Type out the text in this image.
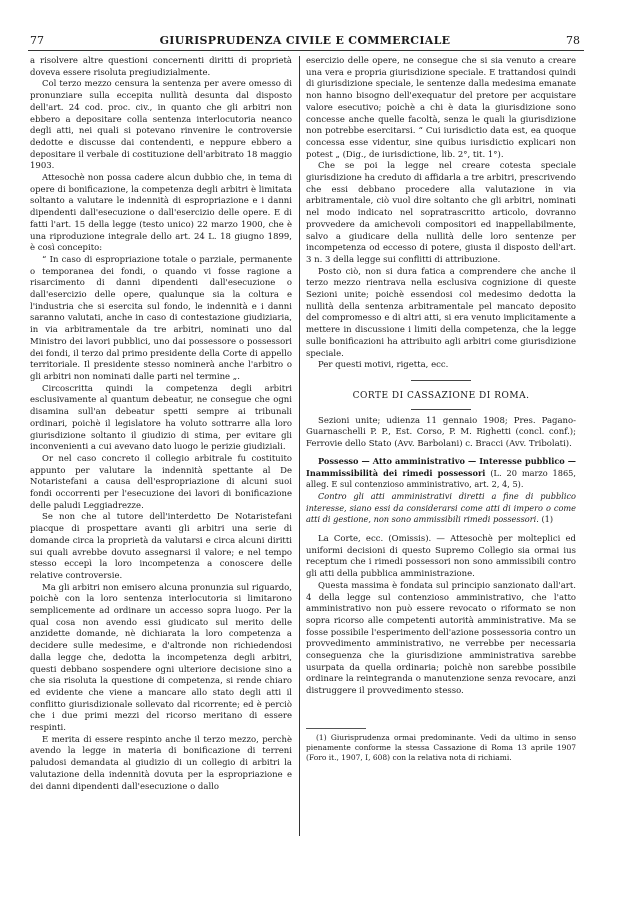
77	GIURISPRUDENZA CIVILE E COMMERCIALE	78

a risolvere altre questioni concernenti diritti di proprietà doveva essere risoluta pregiudizialmente.

Col terzo mezzo censura la sentenza per avere omesso di pronunziare sulla eccepita nullità desunta dal disposto dell'art. 24 cod. proc. civ., in quanto che gli arbitri non ebbero a depositare colla sentenza interlocutoria neanco degli atti, nei quali si potevano rinvenire le controversie dedotte e discusse dai contendenti, e neppure ebbero a depositare il verbale di costituzione dell'arbitrato 18 maggio 1903.

Attesochè non possa cadere alcun dubbio che, in tema di opere di bonificazione, la competenza degli arbitri è limitata soltanto a valutare le indennità di espropriazione e i danni dipendenti dall'esecuzione o dall'esercizio delle opere. E di fatti l'art. 15 della legge (testo unico) 22 marzo 1900, che è una riproduzione integrale dello art. 24 L. 18 giugno 1899, è così concepito:

“ In caso di espropriazione totale o parziale, permanente o temporanea dei fondi, o quando vi fosse ragione a risarcimento di danni dipendenti dall'esecuzione o dall'esercizio delle opere, qualunque sia la coltura e l'industria che si esercita sul fondo, le indennità e i danni saranno valutati, anche in caso di contestazione giudiziaria, in via arbitramentale da tre arbitri, nominati uno dal Ministro dei lavori pubblici, uno dai possessore o possessori dei fondi, il terzo dal primo presidente della Corte di appello territoriale. Il presidente stesso nominerà anche l'arbitro o gli arbitri non nominati dalle parti nel termine „.

Circoscritta quindi la competenza degli arbitri esclusivamente al quantum debeatur, ne consegue che ogni disamina sull'an debeatur spetti sempre ai tribunali ordinari, poichè il legislatore ha voluto sottrarre alla loro giurisdizione soltanto il giudizio di stima, per evitare gli inconvenienti a cui avevano dato luogo le perizie giudiziali.

Or nel caso concreto il collegio arbitrale fu costituito appunto per valutare la indennità spettante al De Notaristefani a causa dell'espropriazione di alcuni suoi fondi occorrenti per l'esecuzione dei lavori di bonificazione delle paludi Leggiadrezze.

Se non che al tutore dell'interdetto De Notaristefani piacque di prospettare avanti gli arbitri una serie di domande circa la proprietà da valutarsi e circa alcuni diritti sui quali avrebbe dovuto assegnarsi il valore; e nel tempo stesso eccepì la loro incompetenza a conoscere delle relative controversie.

Ma gli arbitri non emisero alcuna pronunzia sul riguardo, poichè con la loro sentenza interlocutoria si limitarono semplicemente ad ordinare un accesso sopra luogo. Per la qual cosa non avendo essi giudicato sul merito delle anzidette domande, nè dichiarata la loro competenza a decidere sulle medesime, e d'altronde non richiedendosi dalla legge che, dedotta la incompetenza degli arbitri, questi debbano sospendere ogni ulteriore decisione sino a che sia risoluta la questione di competenza, si rende chiaro ed evidente che viene a mancare allo stato degli atti il conflitto giurisdizionale sollevato dal ricorrente; ed è perciò che i due primi mezzi del ricorso meritano di essere respinti.

E merita di essere respinto anche il terzo mezzo, perchè avendo la legge in materia di bonificazione di terreni paludosi demandata al giudizio di un collegio di arbitri la valutazione della indennità dovuta per la espropriazione e dei danni dipendenti dall'esecuzione o dallo

esercizio delle opere, ne consegue che si sia venuto a creare una vera e propria giurisdizione speciale. E trattandosi quindi di giurisdizione speciale, le sentenze dalla medesima emanate non hanno bisogno dell'exequatur del pretore per acquistare valore esecutivo; poichè a chi è data la giurisdizione sono concesse anche quelle facoltà, senza le quali la giurisdizione non potrebbe esercitarsi. “ Cui iurisdictio data est, ea quoque concessa esse videntur, sine quibus iurisdictio explicari non potest „ (Dig., de iurisdictione, lib. 2°, tit. 1°).

Che se poi la legge nel creare cotesta speciale giurisdizione ha creduto di affidarla a tre arbitri, prescrivendo che essi debbano procedere alla valutazione in via arbitramentale, ciò vuol dire soltanto che gli arbitri, nominati nel modo indicato nel sopratrascritto articolo, dovranno provvedere da amichevoli compositori ed inappellabilmente, salvo a giudicare della nullità delle loro sentenze per incompetenza od eccesso di potere, giusta il disposto dell'art. 3 n. 3 della legge sui conflitti di attribuzione.

Posto ciò, non si dura fatica a comprendere che anche il terzo mezzo rientrava nella esclusiva cognizione di queste Sezioni unite; poichè essendosi col medesimo dedotta la nullità della sentenza arbitramentale pel mancato deposito del compromesso e di altri atti, si era venuto implicitamente a mettere in discussione i limiti della competenza, che la legge sulle bonificazioni ha attribuito agli arbitri come giurisdizione speciale.

Per questi motivi, rigetta, ecc.

CORTE DI CASSAZIONE DI ROMA.

Sezioni unite; udienza 11 gennaio 1908; Pres. Pagano-Guarnaschelli P. P., Est. Corso, P. M. Righetti (concl. conf.); Ferrovie dello Stato (Avv. Barbolani) c. Bracci (Avv. Tribolati).

Possesso — Atto amministrativo — Interesse pubblico — Inammissibilità dei rimedi possessori (L. 20 marzo 1865, alleg. E sul contenzioso amministrativo, art. 2, 4, 5).

Contro gli atti amministrativi diretti a fine di pubblico interesse, siano essi da considerarsi come atti di impero o come atti di gestione, non sono ammissibili rimedi possessori. (1)

La Corte, ecc. (Omissis). — Attesochè per molteplici ed uniformi decisioni di questo Supremo Collegio sia ormai ius receptum che i rimedi possessori non sono ammissibili contro gli atti della pubblica amministrazione.

Questa massima è fondata sul principio sanzionato dall'art. 4 della legge sul contenzioso amministrativo, che l'atto amministrativo non può essere revocato o riformato se non sopra ricorso alle competenti autorità amministrative. Ma se fosse possibile l'esperimento dell'azione possessoria contro un provvedimento amministrativo, ne verrebbe per necessaria conseguenza che la giurisdizione amministrativa sarebbe usurpata da quella ordinaria; poichè non sarebbe possibile ordinare la reintegranda o manutenzione senza revocare, anzi distruggere il provvedimento stesso.

(1) Giurisprudenza ormai predominante. Vedi da ultimo in senso pienamente conforme la stessa Cassazione di Roma 13 aprile 1907 (Foro it., 1907, I, 608) con la relativa nota di richiami.
